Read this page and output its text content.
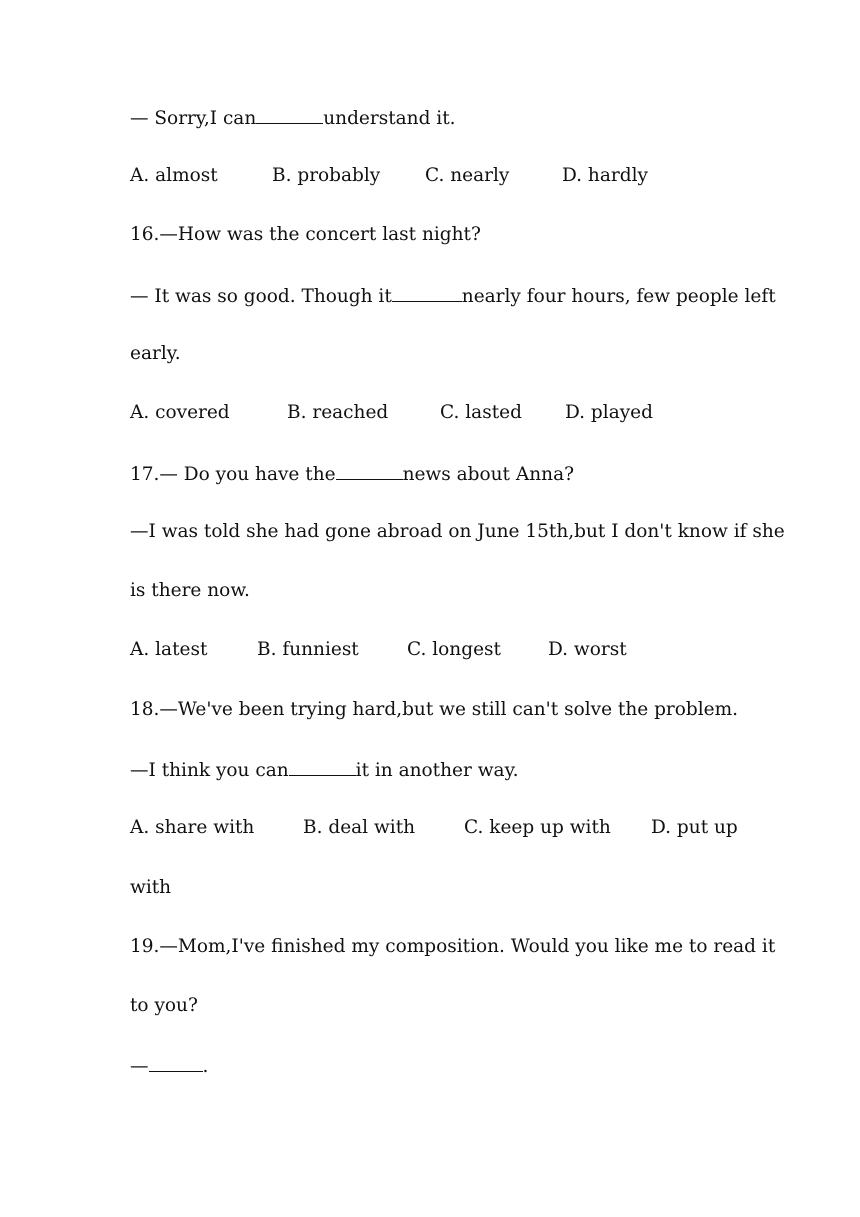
— Sorry,I can	understand it.
A. almost	B. probably C. nearly	D. hardly
16.—How was the concert last night?
— It was so good. Though it	nearly four hours, few people left
early.
A. covered	B. reached	C. lasted D. played
17.— Do you have the	news about Anna?
—I was told she had gone abroad on June 15th,but I don't know if she
is there now.
A. latest	B. funniest	C. longest	D. worst
18.—We've been trying hard,but we still can't solve the problem.
—I think you can	it in another way.
A. share with	B. deal with	C. keep up with D. put up
with
19.—Mom,I've finished my composition. Would you like me to read it
to you?
—	.
